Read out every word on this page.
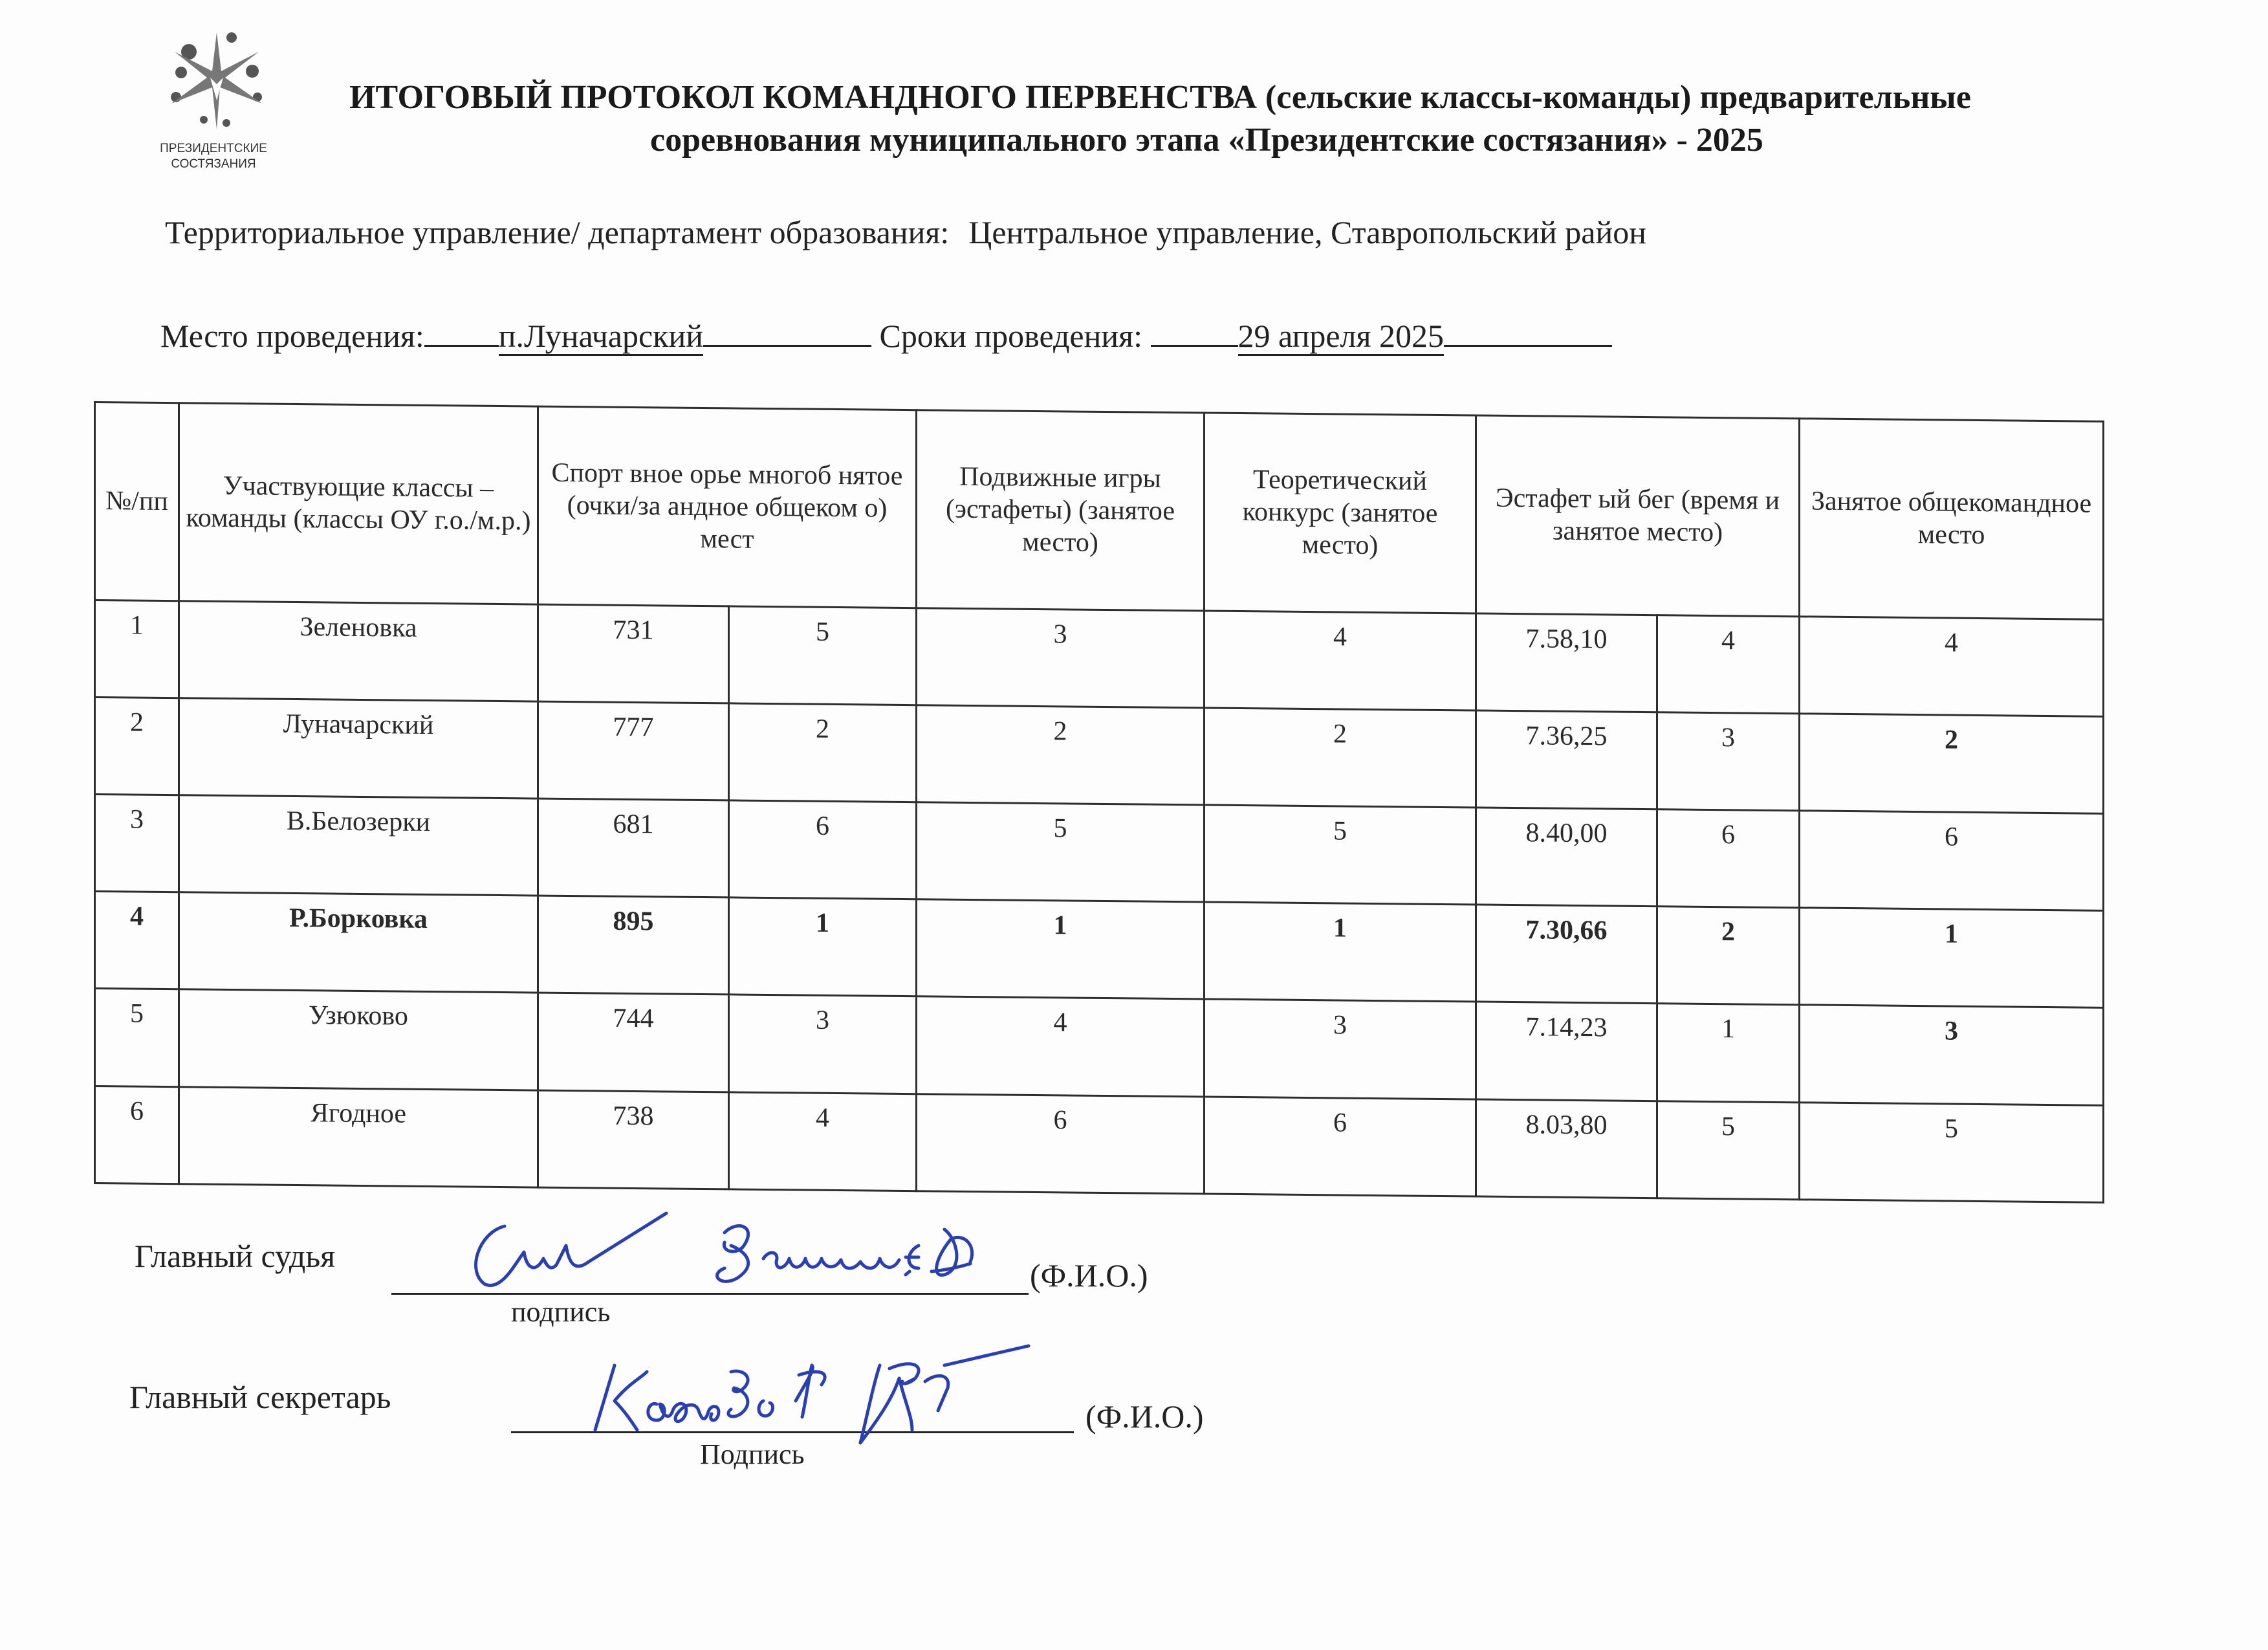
ПРЕЗИДЕНТСКИЕ
СОСТЯЗАНИЯ
ИТОГОВЫЙ ПРОТОКОЛ КОМАНДНОГО ПЕРВЕНСТВА (сельские классы-команды) предварительные
соревнования муниципального этапа «Президентские состязания» - 2025
Территориальное управление/ департамент образования: Центральное управление, Ставропольский район
Место проведения: п.Луначарский	Сроки проведения:	29 апреля 2025
№/пп	Участвующие классы – команды (классы ОУ г.о./м.р.)	Спорт вное орье многоб нятое (очки/за андное общеком о) мест		Подвижные игры (эстафеты) (занятое место)	Теоретический конкурс (занятое место)	Эстафет ый бег (время и занятое место)		Занятое общекомандное место
1	Зеленовка	731	5	3	4	7.58,10	4	4
2	Луначарский	777	2	2	2	7.36,25	3	2
3	В.Белозерки	681	6	5	5	8.40,00	6	6
4	Р.Борковка	895	1	1	1	7.30,66	2	1
5	Узюково	744	3	4	3	7.14,23	1	3
6	Ягодное	738	4	6	6	8.03,80	5	5
Главный судья
(Ф.И.О.)
подпись
Главный секретарь
(Ф.И.О.)
Подпись
